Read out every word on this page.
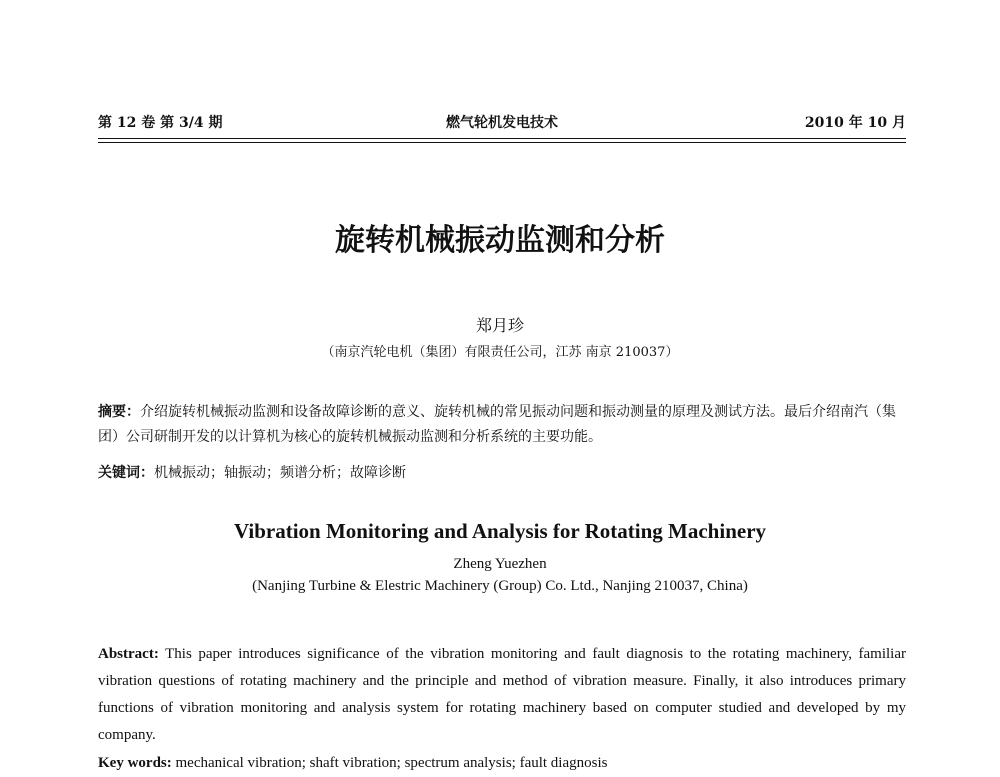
第 12 卷 第 3/4 期	燃气轮机发电技术	2010 年 10 月
旋转机械振动监测和分析
郑月珍
（南京汽轮电机（集团）有限责任公司，江苏 南京 210037）
摘要：介绍旋转机械振动监测和设备故障诊断的意义、旋转机械的常见振动问题和振动测量的原理及测试方法。最后介绍南汽（集团）公司研制开发的以计算机为核心的旋转机械振动监测和分析系统的主要功能。
关键词：机械振动；轴振动；频谱分析；故障诊断
Vibration Monitoring and Analysis for Rotating Machinery
Zheng Yuezhen
(Nanjing Turbine & Elestric Machinery (Group) Co. Ltd., Nanjing 210037, China)
Abstract: This paper introduces significance of the vibration monitoring and fault diagnosis to the rotating machinery, familiar vibration questions of rotating machinery and the principle and method of vibration measure. Finally, it also introduces primary functions of vibration monitoring and analysis system for rotating machinery based on computer studied and developed by my company.
Key words: mechanical vibration; shaft vibration; spectrum analysis; fault diagnosis
